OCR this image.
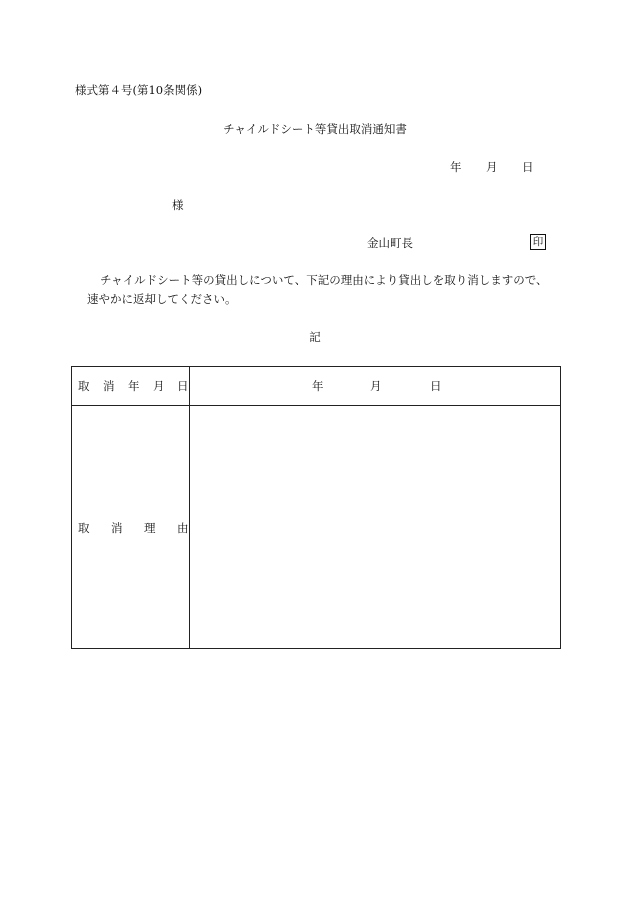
様式第４号(第10条関係)
チャイルドシート等貸出取消通知書
年 月 日
様
金山町長	印
チャイルドシート等の貸出しについて、下記の理由により貸出しを取り消しますので、
速やかに返却してください。
記
取 消 年 月 日	年	月	日
取 消 理 由
